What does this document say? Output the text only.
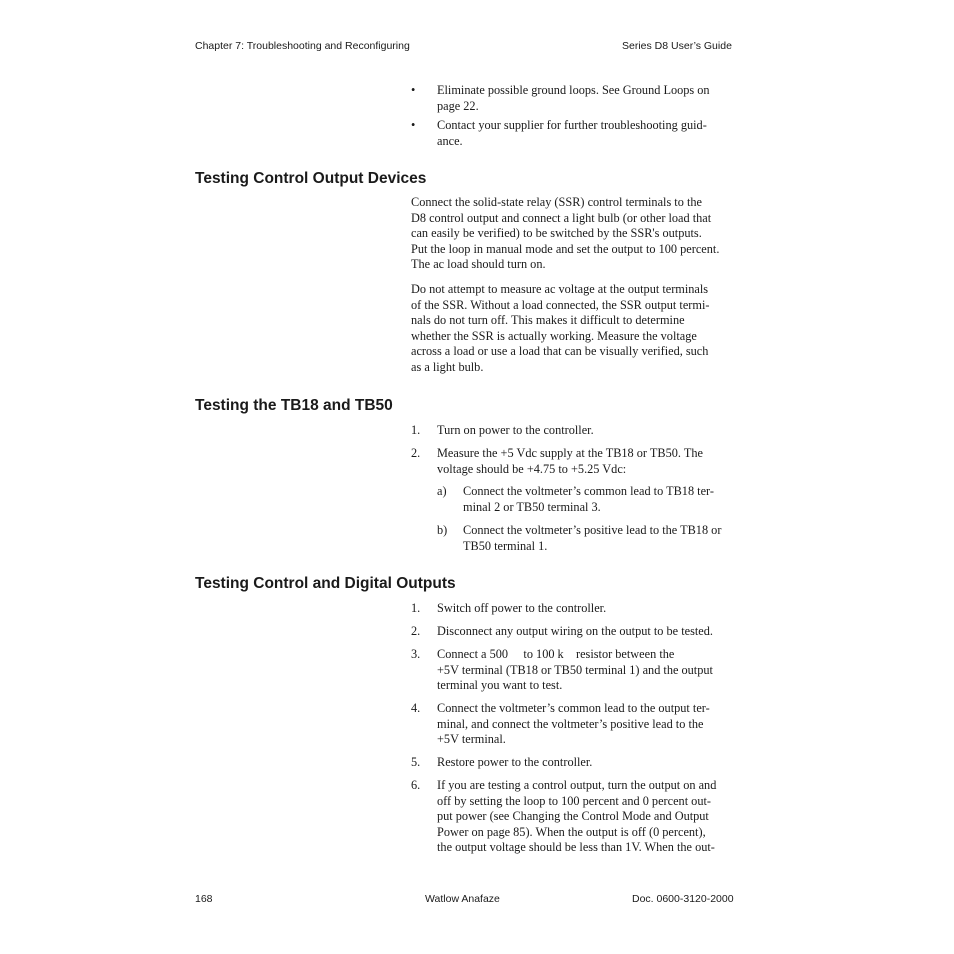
Chapter 7: Troubleshooting and Reconfiguring	Series D8 User’s Guide
• Eliminate possible ground loops. See Ground Loops on
page 22.
• Contact your supplier for further troubleshooting guid-
ance.
Testing Control Output Devices
Connect the solid-state relay (SSR) control terminals to the
D8 control output and connect a light bulb (or other load that
can easily be verified) to be switched by the SSR's outputs.
Put the loop in manual mode and set the output to 100 percent.
The ac load should turn on.
Do not attempt to measure ac voltage at the output terminals
of the SSR. Without a load connected, the SSR output termi-
nals do not turn off. This makes it difficult to determine
whether the SSR is actually working. Measure the voltage
across a load or use a load that can be visually verified, such
as a light bulb.
Testing the TB18 and TB50
1. Turn on power to the controller.
2. Measure the +5 Vdc supply at the TB18 or TB50. The
voltage should be +4.75 to +5.25 Vdc:
a) Connect the voltmeter’s common lead to TB18 ter-
minal 2 or TB50 terminal 3.
b) Connect the voltmeter’s positive lead to the TB18 or
TB50 terminal 1.
Testing Control and Digital Outputs
1. Switch off power to the controller.
2. Disconnect any output wiring on the output to be tested.
3. Connect a 500     to 100 k    resistor between the
+5V terminal (TB18 or TB50 terminal 1) and the output
terminal you want to test.
4. Connect the voltmeter’s common lead to the output ter-
minal, and connect the voltmeter’s positive lead to the
+5V terminal.
5. Restore power to the controller.
6. If you are testing a control output, turn the output on and
off by setting the loop to 100 percent and 0 percent out-
put power (see Changing the Control Mode and Output
Power on page 85). When the output is off (0 percent),
the output voltage should be less than 1V. When the out-
168	Watlow Anafaze	Doc. 0600-3120-2000
